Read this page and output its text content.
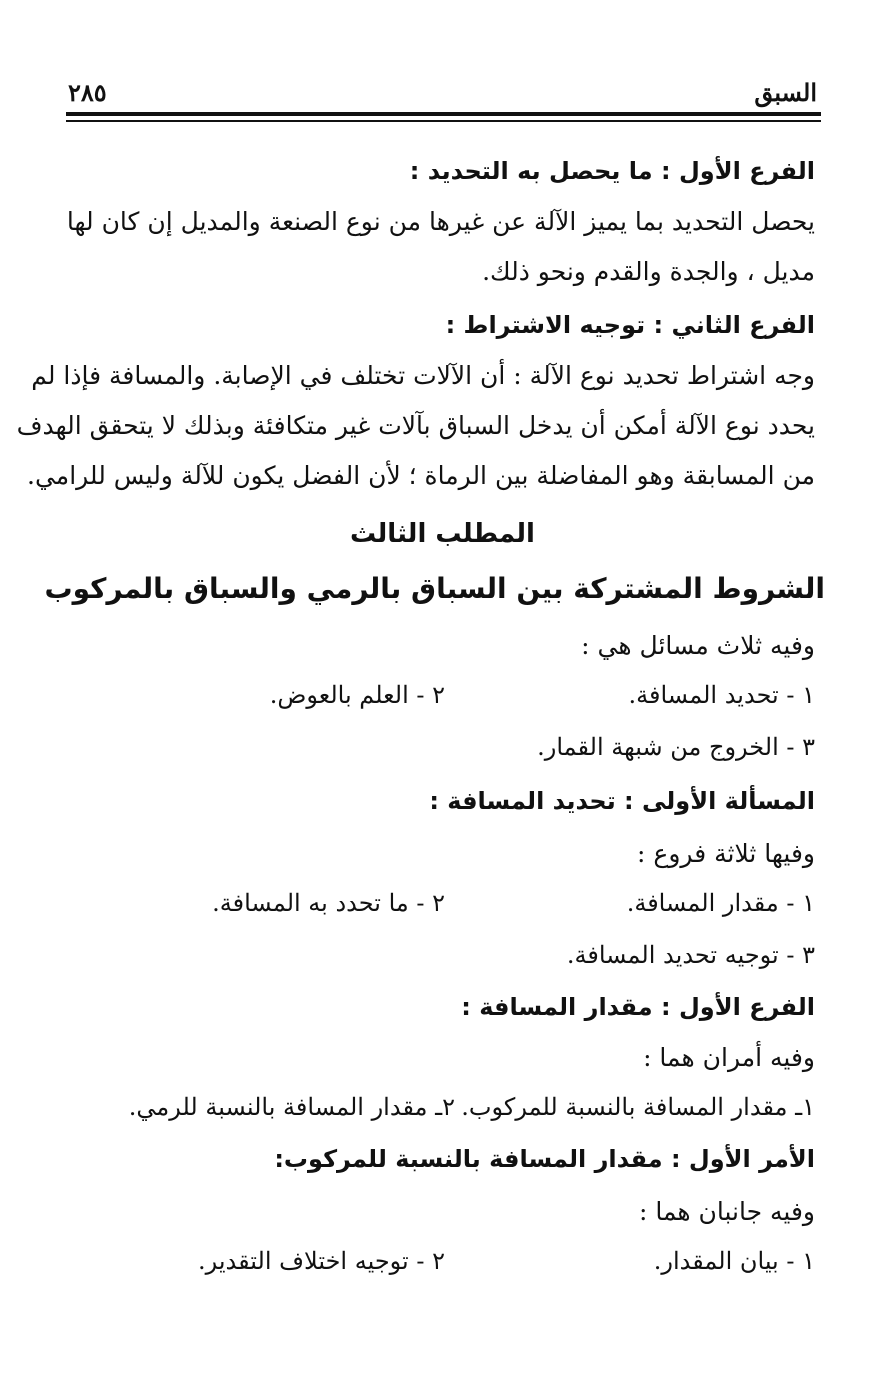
السبق
٢٨٥
الفرع الأول : ما يحصل به التحديد :
يحصل التحديد بما يميز الآلة عن غيرها من نوع الصنعة والمديل إن كان لها
مديل ، والجدة والقدم ونحو ذلك.
الفرع الثاني : توجيه الاشتراط :
وجه اشتراط تحديد نوع الآلة : أن الآلات تختلف في الإصابة. والمسافة فإذا لم
يحدد نوع الآلة أمكن أن يدخل السباق بآلات غير متكافئة وبذلك لا يتحقق الهدف
من المسابقة وهو المفاضلة بين الرماة ؛ لأن الفضل يكون للآلة وليس للرامي.
المطلب الثالث
الشروط المشتركة بين السباق بالرمي والسباق بالمركوب
وفيه ثلاث مسائل هي :
١ - تحديد المسافة.
٢ - العلم بالعوض.
٣ - الخروج من شبهة القمار.
المسألة الأولى : تحديد المسافة :
وفيها ثلاثة فروع :
١ - مقدار المسافة.
٢ - ما تحدد به المسافة.
٣ - توجيه تحديد المسافة.
الفرع الأول : مقدار المسافة :
وفيه أمران هما :
١ـ مقدار المسافة بالنسبة للمركوب.
٢ـ مقدار المسافة بالنسبة للرمي.
الأمر الأول : مقدار المسافة بالنسبة للمركوب:
وفيه جانبان هما :
١ - بيان المقدار.
٢ - توجيه اختلاف التقدير.
